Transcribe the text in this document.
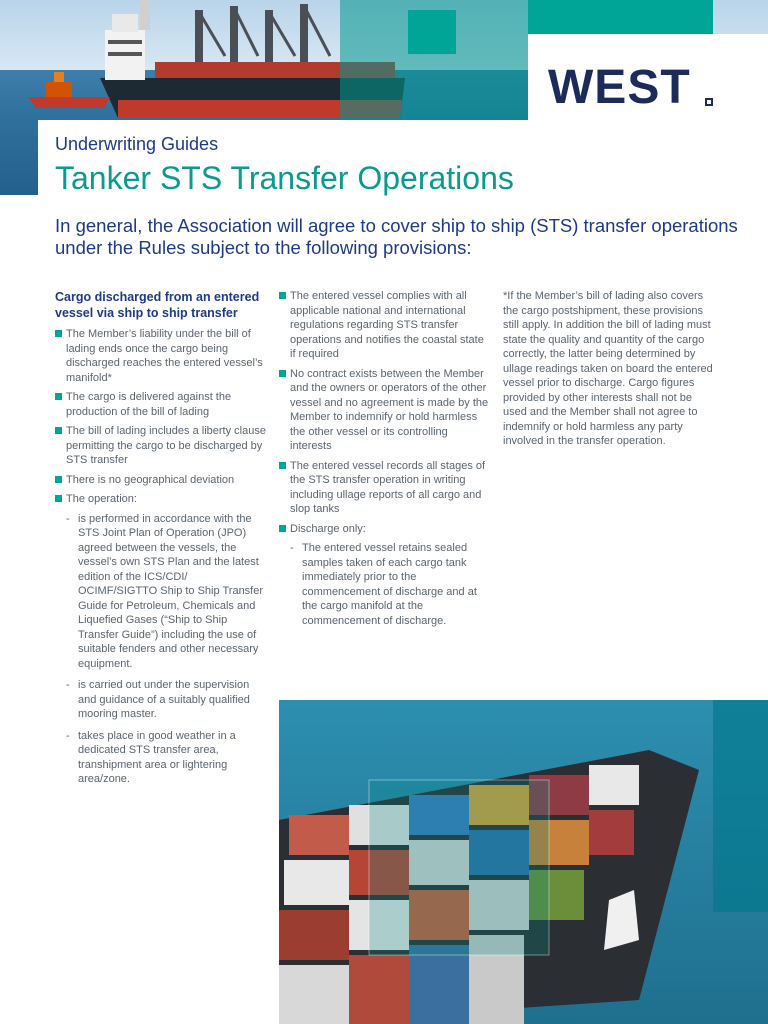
WEST
Underwriting Guides
Tanker STS Transfer Operations
In general, the Association will agree to cover ship to ship (STS) transfer operations under the Rules subject to the following provisions:
Cargo discharged from an entered vessel via ship to ship transfer
The Member’s liability under the bill of lading ends once the cargo being discharged reaches the entered vessel’s manifold*
The cargo is delivered against the production of the bill of lading
The bill of lading includes a liberty clause permitting the cargo to be discharged by STS transfer
There is no geographical deviation
The operation:
- is performed in accordance with the STS Joint Plan of Operation (JPO) agreed between the vessels, the vessel’s own STS Plan and the latest edition of the ICS/CDI/ OCIMF/SIGTTO Ship to Ship Transfer Guide for Petroleum, Chemicals and Liquefied Gases (“Ship to Ship Transfer Guide”) including the use of suitable fenders and other necessary equipment.
- is carried out under the supervision and guidance of a suitably qualified mooring master.
- takes place in good weather in a dedicated STS transfer area, transhipment area or lightering area/zone.
The entered vessel complies with all applicable national and international regulations regarding STS transfer operations and notifies the coastal state if required
No contract exists between the Member and the owners or operators of the other vessel and no agreement is made by the Member to indemnify or hold harmless the other vessel or its controlling interests
The entered vessel records all stages of the STS transfer operation in writing including ullage reports of all cargo and slop tanks
Discharge only:
- The entered vessel retains sealed samples taken of each cargo tank immediately prior to the commencement of discharge and at the cargo manifold at the commencement of discharge.
*If the Member’s bill of lading also covers the cargo postshipment, these provisions still apply. In addition the bill of lading must state the quality and quantity of the cargo correctly, the latter being determined by ullage readings taken on board the entered vessel prior to discharge. Cargo figures provided by other interests shall not be used and the Member shall not agree to indemnify or hold harmless any party involved in the transfer operation.
